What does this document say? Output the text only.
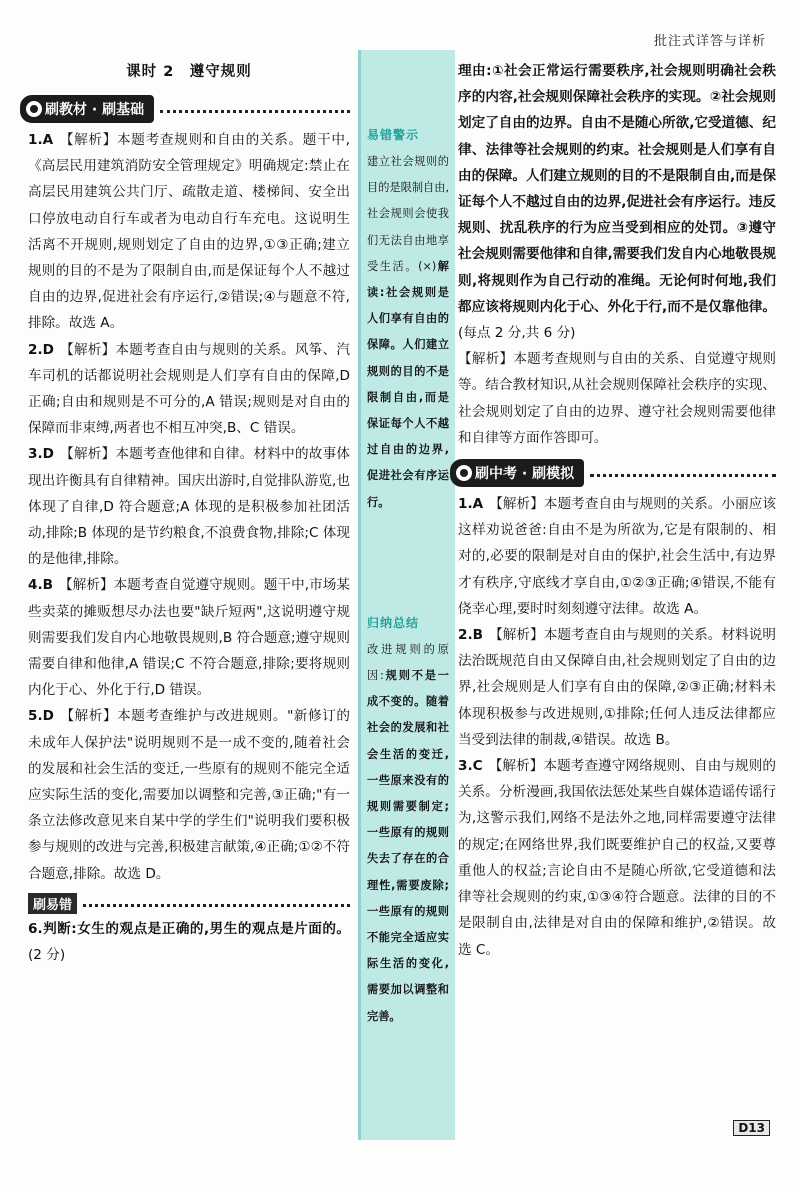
批注式详答与详析
课时 2　遵守规则
刷教材 · 刷基础

1.A 【解析】本题考查规则和自由的关系。题干中,《高层民用建筑消防安全管理规定》明确规定:禁止在高层民用建筑公共门厅、疏散走道、楼梯间、安全出口停放电动自行车或者为电动自行车充电。这说明生活离不开规则,规则划定了自由的边界,①③正确;建立规则的目的不是为了限制自由,而是保证每个人不越过自由的边界,促进社会有序运行,②错误;④与题意不符,排除。故选 A。

2.D 【解析】本题考查自由与规则的关系。风筝、汽车司机的话都说明社会规则是人们享有自由的保障,D 正确;自由和规则是不可分的,A 错误;规则是对自由的保障而非束缚,两者也不相互冲突,B、C 错误。

3.D 【解析】本题考查他律和自律。材料中的故事体现出许衡具有自律精神。国庆出游时,自觉排队游览,也体现了自律,D 符合题意;A 体现的是积极参加社团活动,排除;B 体现的是节约粮食,不浪费食物,排除;C 体现的是他律,排除。

4.B 【解析】本题考查自觉遵守规则。题干中,市场某些卖菜的摊贩想尽办法也要"缺斤短两",这说明遵守规则需要我们发自内心地敬畏规则,B 符合题意;遵守规则需要自律和他律,A 错误;C 不符合题意,排除;要将规则内化于心、外化于行,D 错误。

5.D 【解析】本题考查维护与改进规则。"新修订的未成年人保护法"说明规则不是一成不变的,随着社会的发展和社会生活的变迁,一些原有的规则不能完全适应实际生活的变化,需要加以调整和完善,③正确;"有一条立法修改意见来自某中学的学生们"说明我们要积极参与规则的改进与完善,积极建言献策,④正确;①②不符合题意,排除。故选 D。

刷易错

6.判断:女生的观点是正确的,男生的观点是片面的。(2 分)

易错警示

建立社会规则的目的是限制自由,社会规则会使我们无法自由地享受生活。(×)解读:社会规则是人们享有自由的保障。人们建立规则的目的不是限制自由,而是保证每个人不越过自由的边界,促进社会有序运行。

归纳总结

改进规则的原因:规则不是一成不变的。随着社会的发展和社会生活的变迁,一些原来没有的规则需要制定;一些原有的规则失去了存在的合理性,需要废除;一些原有的规则不能完全适应实际生活的变化,需要加以调整和完善。

理由:①社会正常运行需要秩序,社会规则明确社会秩序的内容,社会规则保障社会秩序的实现。②社会规则划定了自由的边界。自由不是随心所欲,它受道德、纪律、法律等社会规则的约束。社会规则是人们享有自由的保障。人们建立规则的目的不是限制自由,而是保证每个人不越过自由的边界,促进社会有序运行。违反规则、扰乱秩序的行为应当受到相应的处罚。③遵守社会规则需要他律和自律,需要我们发自内心地敬畏规则,将规则作为自己行动的准绳。无论何时何地,我们都应该将规则内化于心、外化于行,而不是仅靠他律。(每点 2 分,共 6 分)

【解析】本题考查规则与自由的关系、自觉遵守规则等。结合教材知识,从社会规则保障社会秩序的实现、社会规则划定了自由的边界、遵守社会规则需要他律和自律等方面作答即可。

刷中考 · 刷模拟

1.A 【解析】本题考查自由与规则的关系。小丽应该这样劝说爸爸:自由不是为所欲为,它是有限制的、相对的,必要的限制是对自由的保护,社会生活中,有边界才有秩序,守底线才享自由,①②③正确;④错误,不能有侥幸心理,要时时刻刻遵守法律。故选 A。

2.B 【解析】本题考查自由与规则的关系。材料说明法治既规范自由又保障自由,社会规则划定了自由的边界,社会规则是人们享有自由的保障,②③正确;材料未体现积极参与改进规则,①排除;任何人违反法律都应当受到法律的制裁,④错误。故选 B。

3.C 【解析】本题考查遵守网络规则、自由与规则的关系。分析漫画,我国依法惩处某些自媒体造谣传谣行为,这警示我们,网络不是法外之地,同样需要遵守法律的规定;在网络世界,我们既要维护自己的权益,又要尊重他人的权益;言论自由不是随心所欲,它受道德和法律等社会规则的约束,①③④符合题意。法律的目的不是限制自由,法律是对自由的保障和维护,②错误。故选 C。

D13
